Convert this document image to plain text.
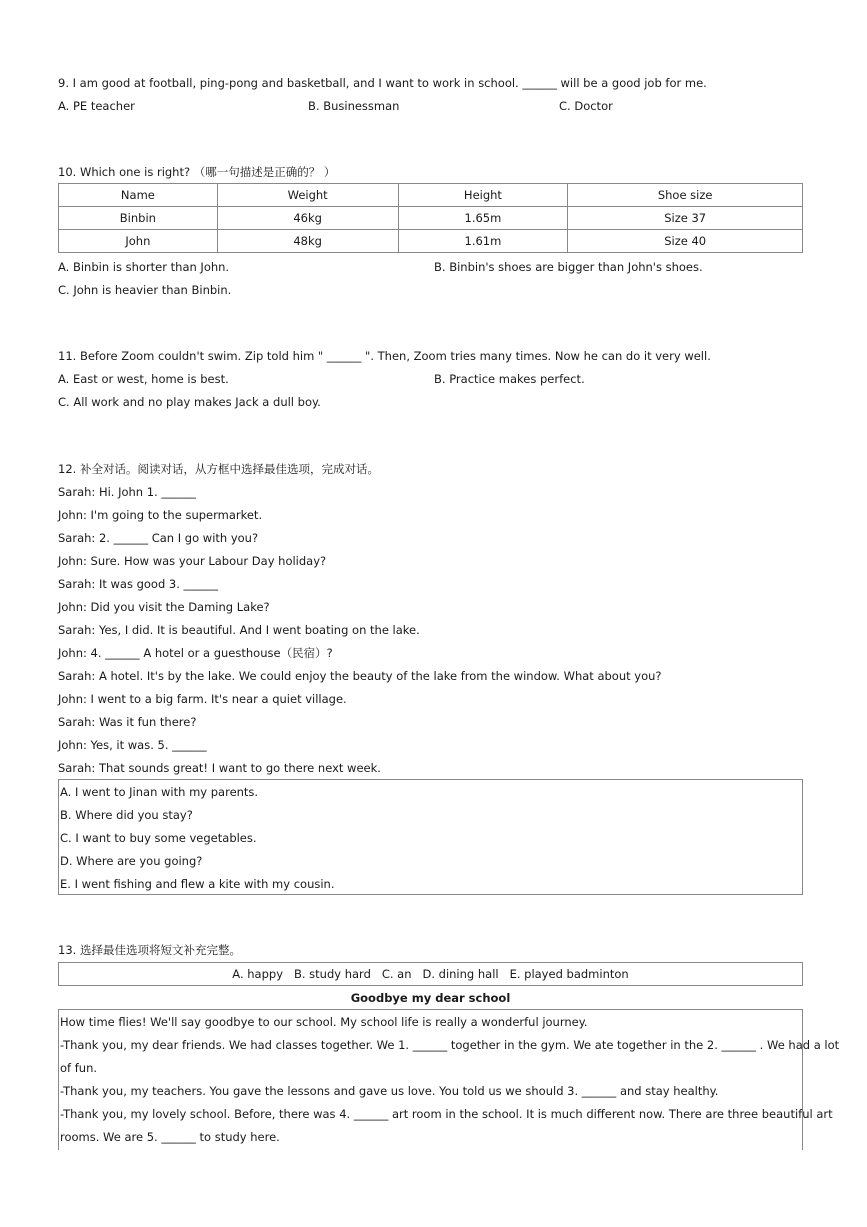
9. I am good at football, ping-pong and basketball, and I want to work in school. ______ will be a good job for me.
A. PE teacher	B. Businessman	C. Doctor
10. Which one is right? （哪一句描述是正确的？ ）
Name	Weight	Height	Shoe size
Binbin	46kg	1.65m	Size 37
John	48kg	1.61m	Size 40
A. Binbin is shorter than John.	B. Binbin's shoes are bigger than John's shoes.
C. John is heavier than Binbin.
11. Before Zoom couldn't swim. Zip told him " ______ ". Then, Zoom tries many times. Now he can do it very well.
A. East or west, home is best.	B. Practice makes perfect.
C. All work and no play makes Jack a dull boy.
12. 补全对话。阅读对话，从方框中选择最佳选项，完成对话。
Sarah: Hi. John 1. ______
John: I'm going to the supermarket.
Sarah: 2. ______ Can I go with you?
John: Sure. How was your Labour Day holiday?
Sarah: It was good 3. ______
John: Did you visit the Daming Lake?
Sarah: Yes, I did. It is beautiful. And I went boating on the lake.
John: 4. ______ A hotel or a guesthouse（民宿）?
Sarah: A hotel. It's by the lake. We could enjoy the beauty of the lake from the window. What about you?
John: I went to a big farm. It's near a quiet village.
Sarah: Was it fun there?
John: Yes, it was. 5. ______
Sarah: That sounds great! I want to go there next week.
A. I went to Jinan with my parents.
B. Where did you stay?
C. I want to buy some vegetables.
D. Where are you going?
E. I went fishing and flew a kite with my cousin.
13. 选择最佳选项将短文补充完整。
A. happy   B. study hard   C. an   D. dining hall   E. played badminton
Goodbye my dear school
How time flies! We'll say goodbye to our school. My school life is really a wonderful journey.
-Thank you, my dear friends. We had classes together. We 1. ______ together in the gym. We ate together in the 2. ______ . We had a lot
of fun.
-Thank you, my teachers. You gave the lessons and gave us love. You told us we should 3. ______ and stay healthy.
-Thank you, my lovely school. Before, there was 4. ______ art room in the school. It is much different now. There are three beautiful art
rooms. We are 5. ______ to study here.
